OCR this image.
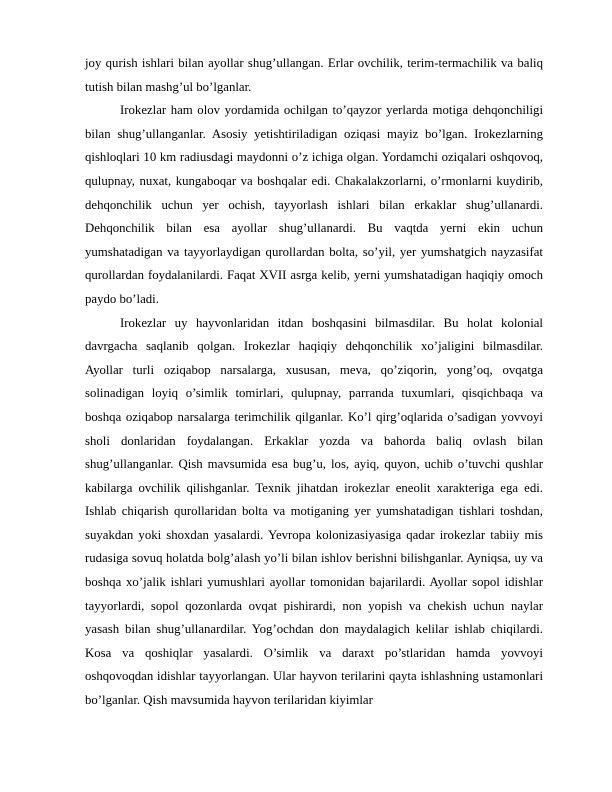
joy qurish ishlari bilan ayollar shug’ullangan. Erlar ovchilik, terim-termachilik va baliq tutish bilan mashg’ul bo’lganlar.

Irokezlar ham olov yordamida ochilgan to’qayzor yerlarda motiga dehqonchiligi bilan shug’ullanganlar. Asosiy yetishtiriladigan oziqasi mayiz bo’lgan. Irokezlarning qishloqlari 10 km radiusdagi maydonni o’z ichiga olgan. Yordamchi oziqalari oshqovoq, qulupnay, nuxat, kungaboqar va boshqalar edi. Chakalakzorlarni, o’rmonlarni kuydirib, dehqonchilik uchun yer ochish, tayyorlash ishlari bilan erkaklar shug’ullanardi. Dehqonchilik bilan esa ayollar shug’ullanardi. Bu vaqtda yerni ekin uchun yumshatadigan va tayyorlaydigan qurollardan bolta, so’yil, yer yumshatgich nayzasifat qurollardan foydalanilardi. Faqat XVII asrga kelib, yerni yumshatadigan haqiqiy omoch paydo bo’ladi.

Irokezlar uy hayvonlaridan itdan boshqasini bilmasdilar. Bu holat kolonial davrgacha saqlanib qolgan. Irokezlar haqiqiy dehqonchilik xo’jaligini bilmasdilar. Ayollar turli oziqabop narsalarga, xususan, meva, qo’ziqorin, yong’oq, ovqatga solinadigan loyiq o’simlik tomirlari, qulupnay, parranda tuxumlari, qisqichbaqa va boshqa oziqabop narsalarga terimchilik qilganlar. Ko’l qirg’oqlarida o’sadigan yovvoyi sholi donlaridan foydalangan. Erkaklar yozda va bahorda baliq ovlash bilan shug’ullanganlar. Qish mavsumida esa bug’u, los, ayiq, quyon, uchib o’tuvchi qushlar kabilarga ovchilik qilishganlar. Texnik jihatdan irokezlar eneolit xarakteriga ega edi. Ishlab chiqarish qurollaridan bolta va motiganing yer yumshatadigan tishlari toshdan, suyakdan yoki shoxdan yasalardi. Yevropa kolonizasiyasiga qadar irokezlar tabiiy mis rudasiga sovuq holatda bolg’alash yo’li bilan ishlov berishni bilishganlar. Ayniqsa, uy va boshqa xo’jalik ishlari yumushlari ayollar tomonidan bajarilardi. Ayollar sopol idishlar tayyorlardi, sopol qozonlarda ovqat pishirardi, non yopish va chekish uchun naylar yasash bilan shug’ullanardilar. Yog’ochdan don maydalagich kelilar ishlab chiqilardi. Kosa va qoshiqlar yasalardi. O’simlik va daraxt po’stlaridan hamda yovvoyi oshqovoqdan idishlar tayyorlangan. Ular hayvon terilarini qayta ishlashning ustamonlari bo’lganlar. Qish mavsumida hayvon terilaridan kiyimlar
